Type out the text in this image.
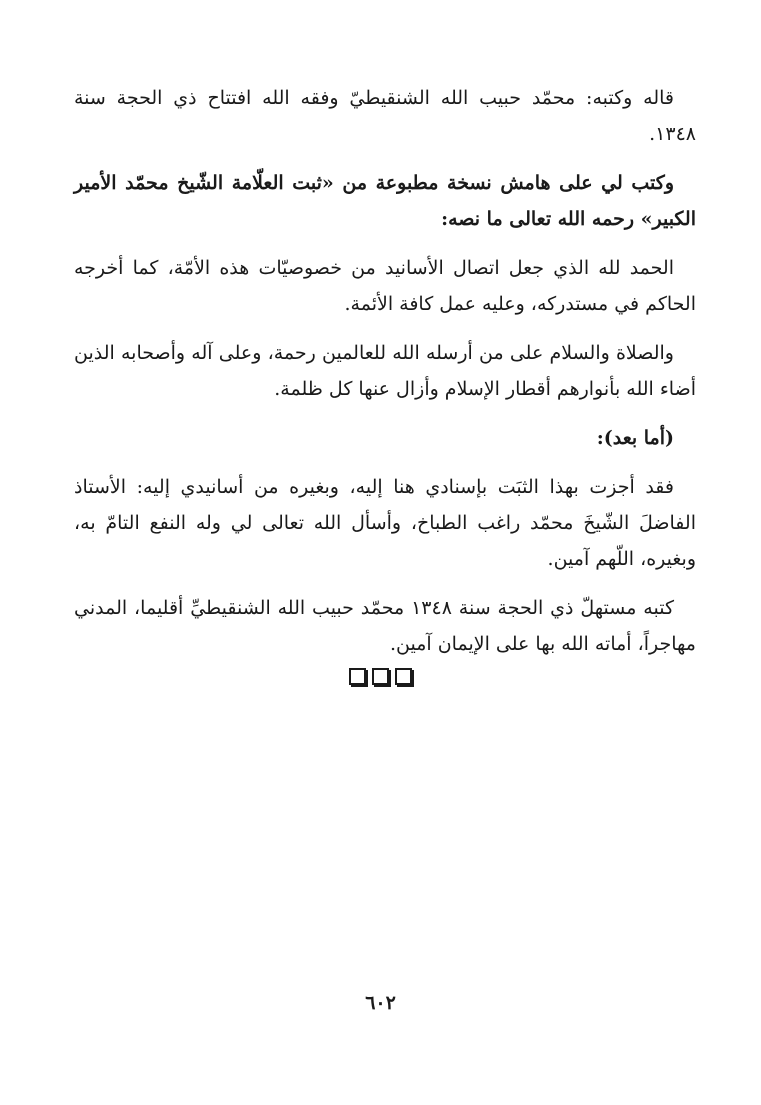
قاله وكتبه: محمّد حبيب الله الشنقيطيّ وفقه الله افتتاح ذي الحجة سنة ١٣٤٨.

وكتب لي على هامش نسخة مطبوعة من «ثبت العلّامة الشّيخ محمّد الأمير الكبير» رحمه الله تعالى ما نصه:

الحمد لله الذي جعل اتصال الأسانيد من خصوصيّات هذه الأمّة، كما أخرجه الحاكم في مستدركه، وعليه عمل كافة الأئمة.

والصلاة والسلام على من أرسله الله للعالمين رحمة، وعلى آله وأصحابه الذين أضاء الله بأنوارهم أقطار الإسلام وأزال عنها كل ظلمة.

(أما بعد):

فقد أجزت بهذا الثبَت بإسنادي هنا إليه، وبغيره من أسانيدي إليه: الأستاذ الفاضلَ الشّيخَ محمّد راغب الطباخ، وأسأل الله تعالى لي وله النفع التامّ به، وبغيره، اللّهم آمين.

كتبه مستهلّ ذي الحجة سنة ١٣٤٨ محمّد حبيب الله الشنقيطيِّ أقليما، المدني مهاجراً، أماته الله بها على الإيمان آمين.

٦٠٢
